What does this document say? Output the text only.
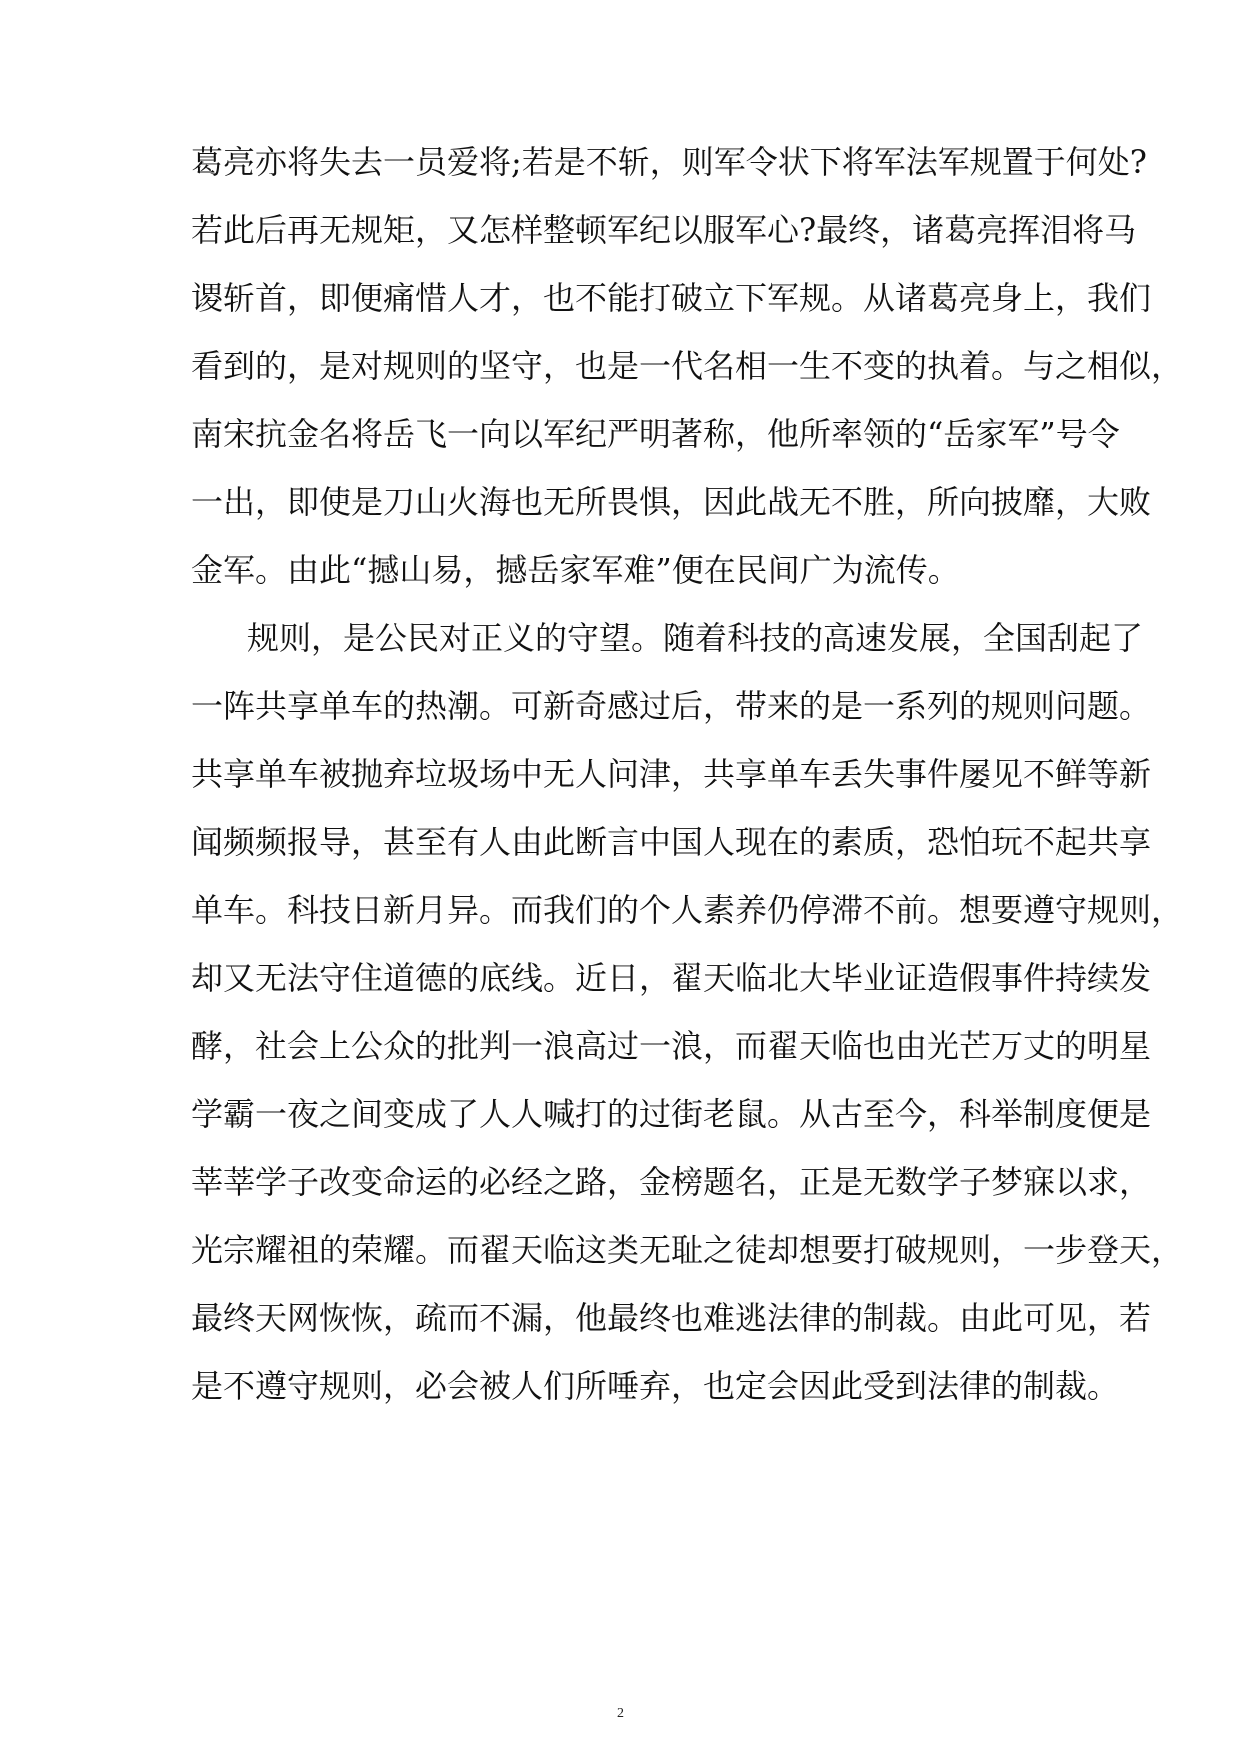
葛亮亦将失去一员爱将;若是不斩，则军令状下将军法军规置于何处?
若此后再无规矩，又怎样整顿军纪以服军心?最终，诸葛亮挥泪将马
谡斩首，即便痛惜人才，也不能打破立下军规。从诸葛亮身上，我们
看到的，是对规则的坚守，也是一代名相一生不变的执着。与之相似，
南宋抗金名将岳飞一向以军纪严明著称，他所率领的“岳家军”号令
一出，即使是刀山火海也无所畏惧，因此战无不胜，所向披靡，大败
金军。由此“撼山易，撼岳家军难”便在民间广为流传。
规则，是公民对正义的守望。随着科技的高速发展，全国刮起了
一阵共享单车的热潮。可新奇感过后，带来的是一系列的规则问题。
共享单车被抛弃垃圾场中无人问津，共享单车丢失事件屡见不鲜等新
闻频频报导，甚至有人由此断言中国人现在的素质，恐怕玩不起共享
单车。科技日新月异。而我们的个人素养仍停滞不前。想要遵守规则，
却又无法守住道德的底线。近日，翟天临北大毕业证造假事件持续发
酵，社会上公众的批判一浪高过一浪，而翟天临也由光芒万丈的明星
学霸一夜之间变成了人人喊打的过街老鼠。从古至今，科举制度便是
莘莘学子改变命运的必经之路，金榜题名，正是无数学子梦寐以求，
光宗耀祖的荣耀。而翟天临这类无耻之徒却想要打破规则，一步登天，
最终天网恢恢，疏而不漏，他最终也难逃法律的制裁。由此可见，若
是不遵守规则，必会被人们所唾弃，也定会因此受到法律的制裁。
2
